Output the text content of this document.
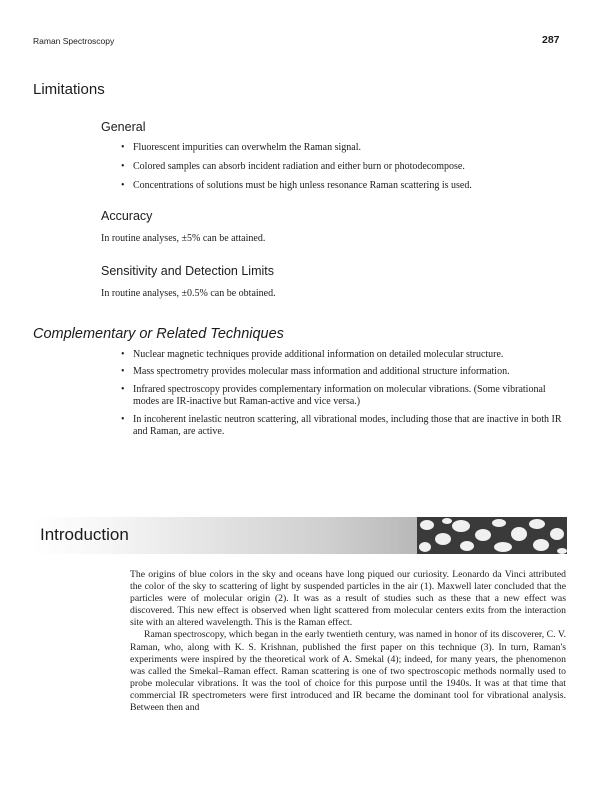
Raman Spectroscopy	287
Limitations
General
• Fluorescent impurities can overwhelm the Raman signal.
• Colored samples can absorb incident radiation and either burn or photodecompose.
• Concentrations of solutions must be high unless resonance Raman scattering is used.
Accuracy
In routine analyses, ±5% can be attained.
Sensitivity and Detection Limits
In routine analyses, ±0.5% can be obtained.
Complementary or Related Techniques
• Nuclear magnetic techniques provide additional information on detailed molecular structure.
• Mass spectrometry provides molecular mass information and additional structure information.
• Infrared spectroscopy provides complementary information on molecular vibrations. (Some vibrational modes are IR-inactive but Raman-active and vice versa.)
• In incoherent inelastic neutron scattering, all vibrational modes, including those that are inactive in both IR and Raman, are active.
Introduction

The origins of blue colors in the sky and oceans have long piqued our curiosity. Leonardo da Vinci attributed the color of the sky to scattering of light by suspended particles in the air (1). Maxwell later concluded that the particles were of molecular origin (2). It was as a result of studies such as these that a new effect was discovered. This new effect is observed when light scattered from molecular centers exits from the interaction site with an altered wavelength. This is the Raman effect.

Raman spectroscopy, which began in the early twentieth century, was named in honor of its discoverer, C. V. Raman, who, along with K. S. Krishnan, published the first paper on this technique (3). In turn, Raman's experiments were inspired by the theoretical work of A. Smekal (4); indeed, for many years, the phenomenon was called the Smekal–Raman effect. Raman scattering is one of two spectroscopic methods normally used to probe molecular vibrations. It was the tool of choice for this purpose until the 1940s. It was at that time that commercial IR spectrometers were first introduced and IR became the dominant tool for vibrational analysis. Between then and
